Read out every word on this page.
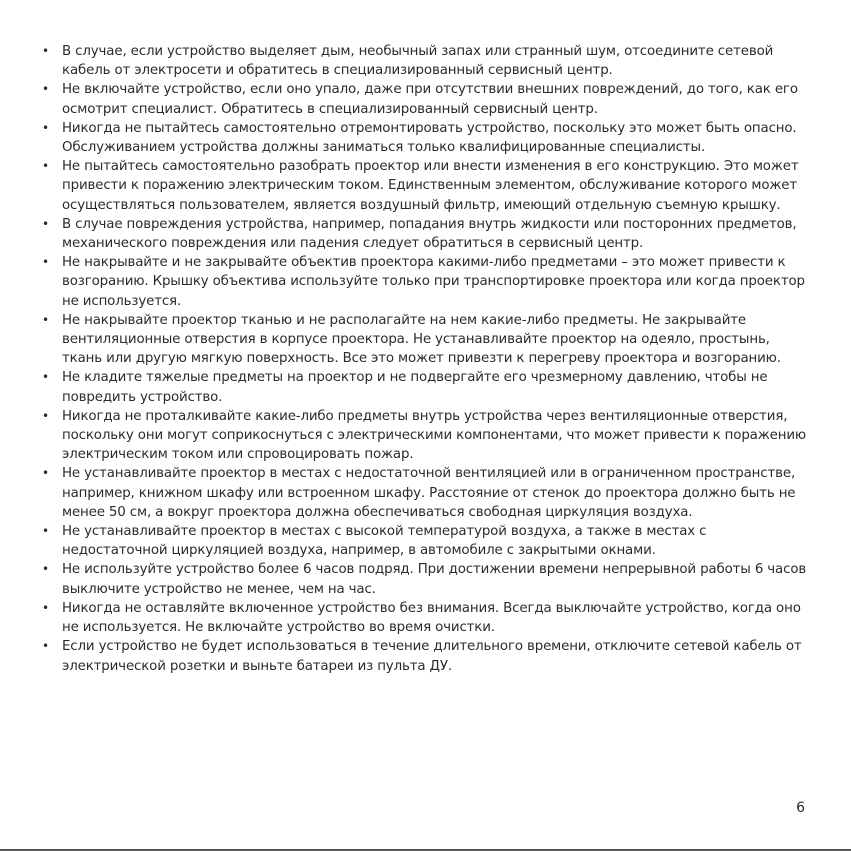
• В случае, если устройство выделяет дым, необычный запах или странный шум, отсоедините сетевой кабель от электросети и обратитесь в специализированный сервисный центр.
• Не включайте устройство, если оно упало, даже при отсутствии внешних повреждений, до того, как его осмотрит специалист. Обратитесь в специализированный сервисный центр.
• Никогда не пытайтесь самостоятельно отремонтировать устройство, поскольку это может быть опасно. Обслуживанием устройства должны заниматься только квалифицированные специалисты.
• Не пытайтесь самостоятельно разобрать проектор или внести изменения в его конструкцию. Это может привести к поражению электрическим током. Единственным элементом, обслуживание которого может осуществляться пользователем, является воздушный фильтр, имеющий отдельную съемную крышку.
• В случае повреждения устройства, например, попадания внутрь жидкости или посторонних предметов, механического повреждения или падения следует обратиться в сервисный центр.
• Не накрывайте и не закрывайте объектив проектора какими-либо предметами – это может привести к возгоранию. Крышку объектива используйте только при транспортировке проектора или когда проектор не используется.
• Не накрывайте проектор тканью и не располагайте на нем какие-либо предметы. Не закрывайте вентиляционные отверстия в корпусе проектора. Не устанавливайте проектор на одеяло, простынь, ткань или другую мягкую поверхность. Все это может привезти к перегреву проектора и возгоранию.
• Не кладите тяжелые предметы на проектор и не подвергайте его чрезмерному давлению, чтобы не повредить устройство.
• Никогда не проталкивайте какие-либо предметы внутрь устройства через вентиляционные отверстия, поскольку они могут соприкоснуться с электрическими компонентами, что может привести к поражению электрическим током или спровоцировать пожар.
• Не устанавливайте проектор в местах с недостаточной вентиляцией или в ограниченном пространстве, например, книжном шкафу или встроенном шкафу. Расстояние от стенок до проектора должно быть не менее 50 см, а вокруг проектора должна обеспечиваться свободная циркуляция воздуха.
• Не устанавливайте проектор в местах с высокой температурой воздуха, а также в местах с недостаточной циркуляцией воздуха, например, в автомобиле с закрытыми окнами.
• Не используйте устройство более 6 часов подряд. При достижении времени непрерывной работы 6 часов выключите устройство не менее, чем на час.
• Никогда не оставляйте включенное устройство без внимания. Всегда выключайте устройство, когда оно не используется. Не включайте устройство во время очистки.
• Если устройство не будет использоваться в течение длительного времени, отключите сетевой кабель от электрической розетки и выньте батареи из пульта ДУ.
6
